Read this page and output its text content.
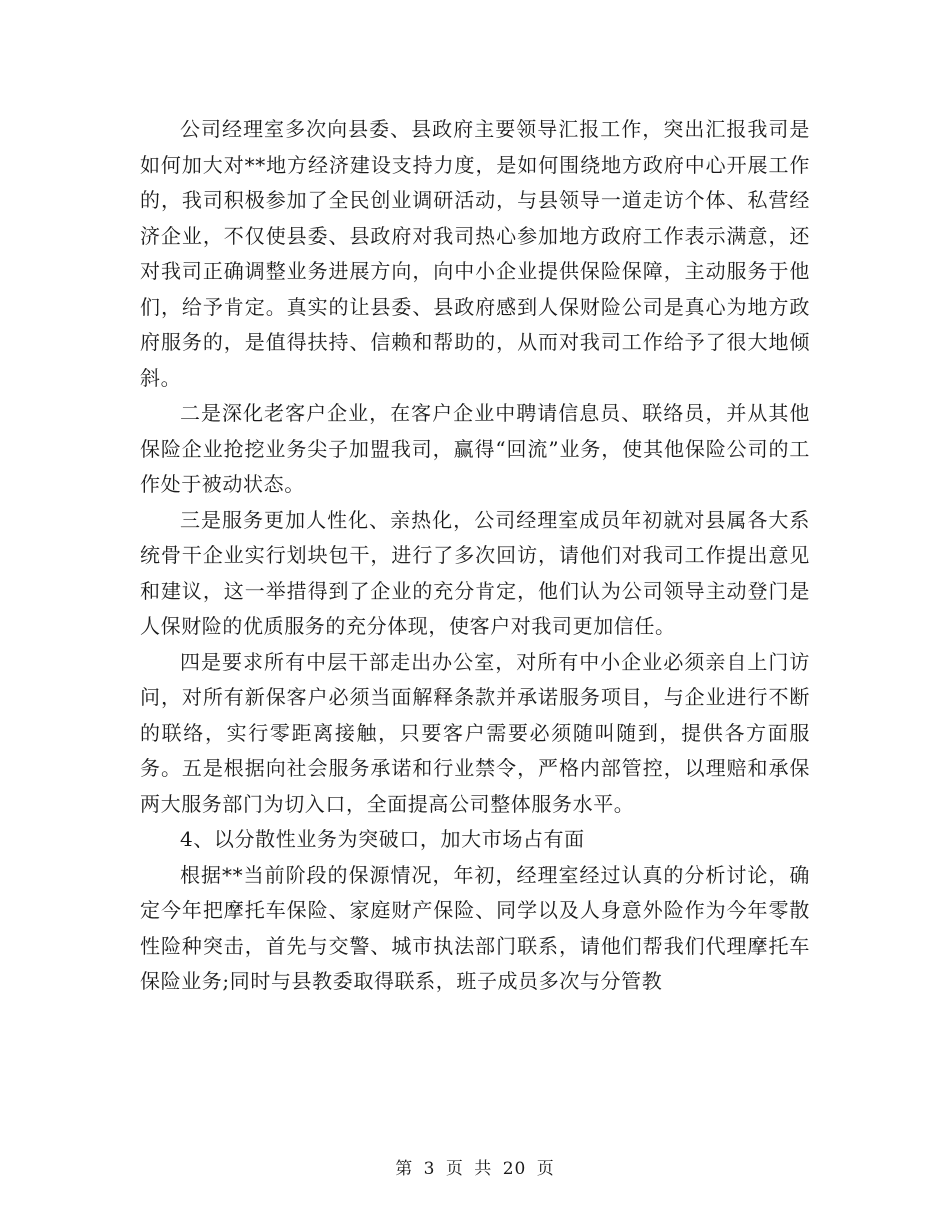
公司经理室多次向县委、县政府主要领导汇报工作，突出汇报我司是如何加大对**地方经济建设支持力度，是如何围绕地方政府中心开展工作的，我司积极参加了全民创业调研活动，与县领导一道走访个体、私营经济企业，不仅使县委、县政府对我司热心参加地方政府工作表示满意，还对我司正确调整业务进展方向，向中小企业提供保险保障，主动服务于他们，给予肯定。真实的让县委、县政府感到人保财险公司是真心为地方政府服务的，是值得扶持、信赖和帮助的，从而对我司工作给予了很大地倾斜。

二是深化老客户企业，在客户企业中聘请信息员、联络员，并从其他保险企业抢挖业务尖子加盟我司，赢得“回流”业务，使其他保险公司的工作处于被动状态。

三是服务更加人性化、亲热化，公司经理室成员年初就对县属各大系统骨干企业实行划块包干，进行了多次回访，请他们对我司工作提出意见和建议，这一举措得到了企业的充分肯定，他们认为公司领导主动登门是人保财险的优质服务的充分体现，使客户对我司更加信任。

四是要求所有中层干部走出办公室，对所有中小企业必须亲自上门访问，对所有新保客户必须当面解释条款并承诺服务项目，与企业进行不断的联络，实行零距离接触，只要客户需要必须随叫随到，提供各方面服务。五是根据向社会服务承诺和行业禁令，严格内部管控，以理赔和承保两大服务部门为切入口，全面提高公司整体服务水平。

4、以分散性业务为突破口，加大市场占有面

根据**当前阶段的保源情况，年初，经理室经过认真的分析讨论，确定今年把摩托车保险、家庭财产保险、同学以及人身意外险作为今年零散性险种突击，首先与交警、城市执法部门联系，请他们帮我们代理摩托车保险业务;同时与县教委取得联系，班子成员多次与分管教

第 3 页 共 20 页
